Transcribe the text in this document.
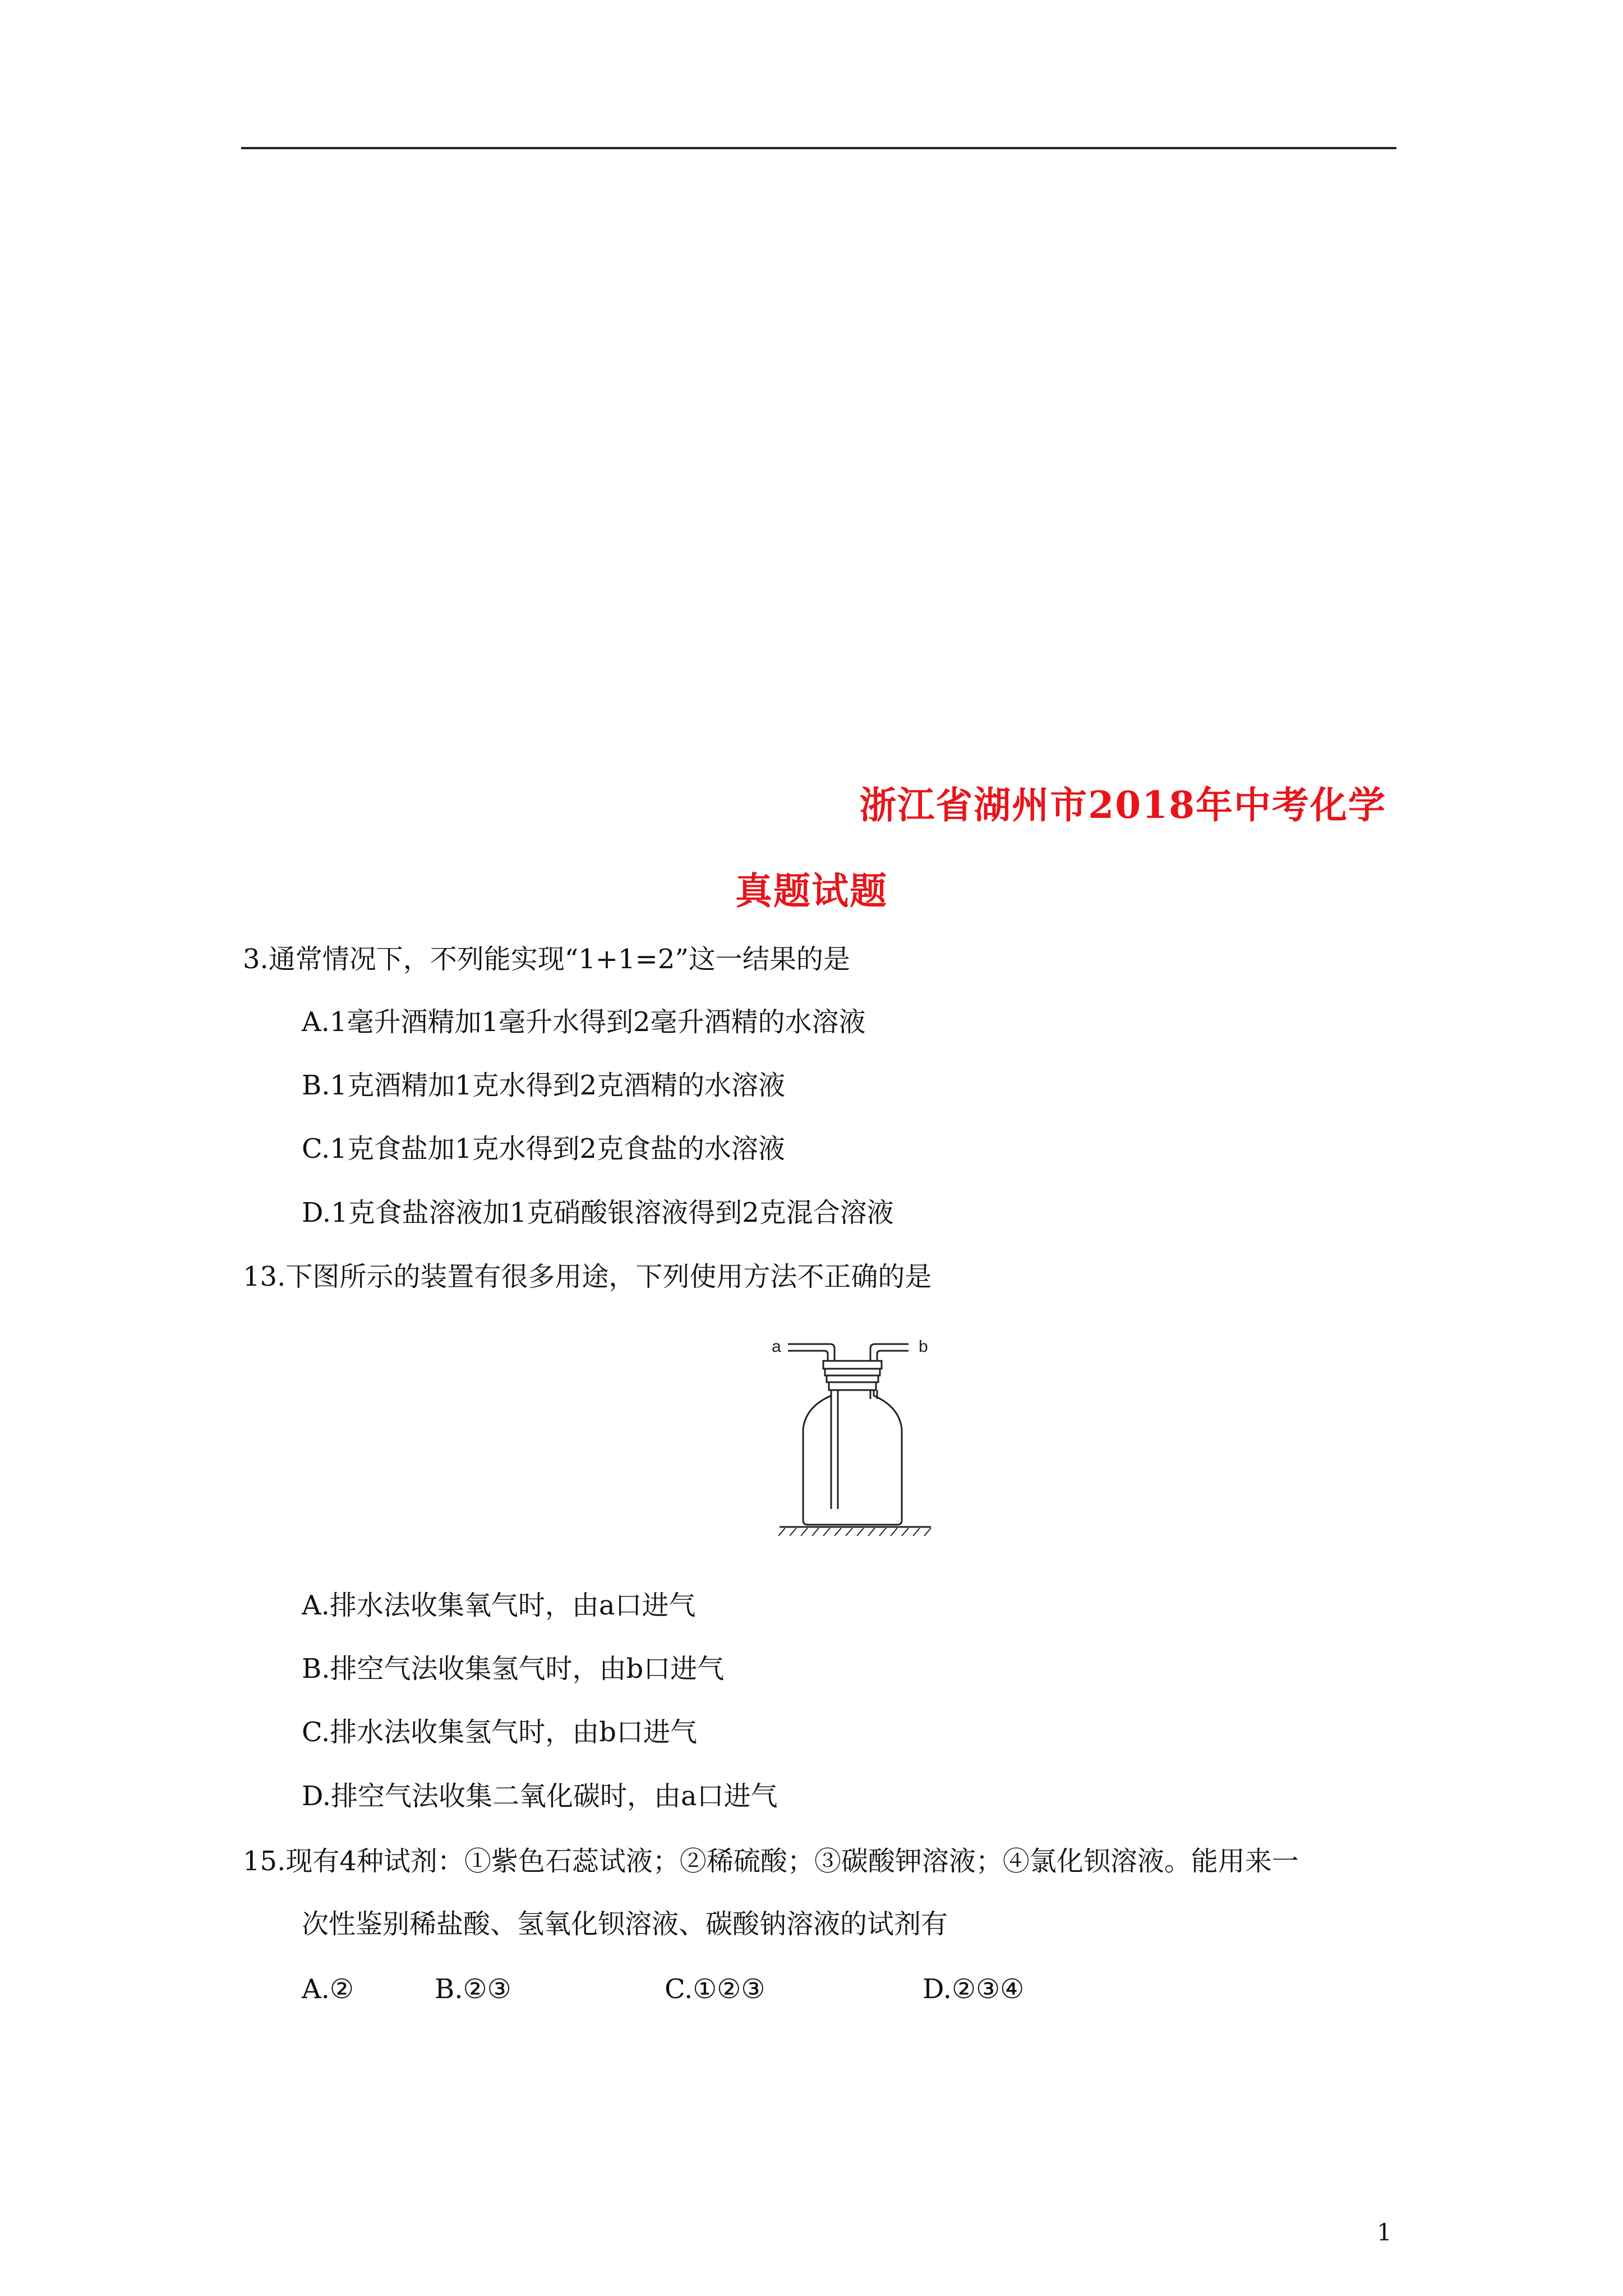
浙江省湖州市2018年中考化学
真题试题
3.通常情况下，不列能实现“1+1=2”这一结果的是
A.1毫升酒精加1毫升水得到2毫升酒精的水溶液
B.1克酒精加1克水得到2克酒精的水溶液
C.1克食盐加1克水得到2克食盐的水溶液
D.1克食盐溶液加1克硝酸银溶液得到2克混合溶液
13.下图所示的装置有很多用途，下列使用方法不正确的是
a	b
A.排水法收集氧气时，由a口进气
B.排空气法收集氢气时，由b口进气
C.排水法收集氢气时，由b口进气
D.排空气法收集二氧化碳时，由a口进气
15.现有4种试剂：①紫色石蕊试液；②稀硫酸；③碳酸钾溶液；④氯化钡溶液。能用来一
次性鉴别稀盐酸、氢氧化钡溶液、碳酸钠溶液的试剂有
A.②	B.②③	C.①②③	D.②③④
1
